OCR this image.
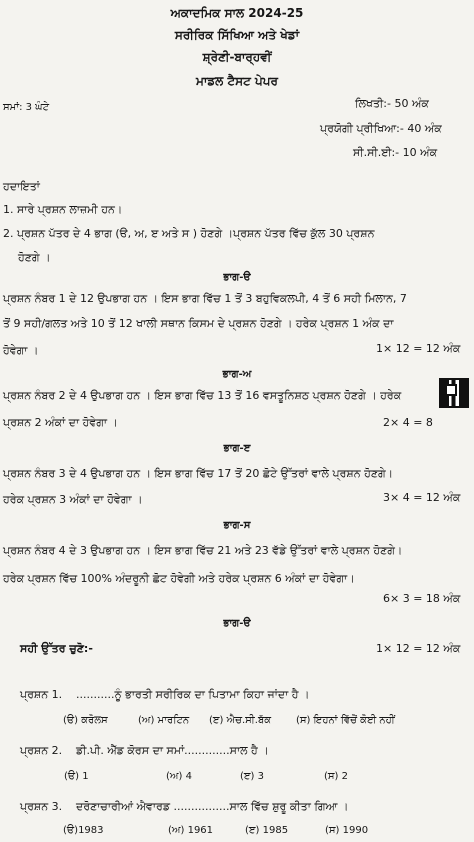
ਅਕਾਦਮਿਕ ਸਾਲ 2024-25
ਸਰੀਰਿਕ ਸਿੱਖਿਆ ਅਤੇ ਖੇਡਾਂ
ਸ਼੍ਰੇਣੀ-ਬਾਰ੍ਹਵੀਂ
ਮਾਡਲ ਟੈਸਟ ਪੇਪਰ
ਸਮਾਂ: 3 ਘੰਟੇ	ਲਿਖਤੀ:- 50 ਅੰਕ
ਪ੍ਰਯੋਗੀ ਪ੍ਰੀਖਿਆ:- 40 ਅੰਕ
ਸੀ.ਸੀ.ਈ:- 10 ਅੰਕ
ਹਦਾਇਤਾਂ
1. ਸਾਰੇ ਪ੍ਰਸ਼ਨ ਲਾਜ਼ਮੀ ਹਨ।
2. ਪ੍ਰਸ਼ਨ ਪੱਤਰ ਦੇ 4 ਭਾਗ (ੳ, ਅ, ੲ ਅਤੇ ਸ ) ਹੋਣਗੇ ।ਪ੍ਰਸ਼ਨ ਪੱਤਰ ਵਿੱਚ ਕੁੱਲ 30 ਪ੍ਰਸ਼ਨ
ਹੋਣਗੇ ।
ਭਾਗ-ੳ
ਪ੍ਰਸ਼ਨ ਨੰਬਰ 1 ਦੇ 12 ਉਪਭਾਗ ਹਨ । ਇਸ ਭਾਗ ਵਿੱਚ 1 ਤੋਂ 3 ਬਹੁਵਿਕਲਪੀ, 4 ਤੋਂ 6 ਸਹੀ ਮਿਲਾਨ, 7
ਤੋਂ 9 ਸਹੀ/ਗਲਤ ਅਤੇ 10 ਤੋਂ 12 ਖਾਲੀ ਸਥਾਨ ਕਿਸਮ ਦੇ ਪ੍ਰਸ਼ਨ ਹੋਣਗੇ । ਹਰੇਕ ਪ੍ਰਸ਼ਨ 1 ਅੰਕ ਦਾ
ਹੋਵੇਗਾ ।	1× 12 = 12 ਅੰਕ
ਭਾਗ-ਅ
ਪ੍ਰਸ਼ਨ ਨੰਬਰ 2 ਦੇ 4 ਉਪਭਾਗ ਹਨ । ਇਸ ਭਾਗ ਵਿੱਚ 13 ਤੋਂ 16 ਵਸਤੂਨਿਸ਼ਠ ਪ੍ਰਸ਼ਨ ਹੋਣਗੇ । ਹਰੇਕ
ਪ੍ਰਸ਼ਨ 2 ਅੰਕਾਂ ਦਾ ਹੋਵੇਗਾ ।	2× 4 = 8
ਭਾਗ-ੲ
ਪ੍ਰਸ਼ਨ ਨੰਬਰ 3 ਦੇ 4 ਉਪਭਾਗ ਹਨ । ਇਸ ਭਾਗ ਵਿੱਚ 17 ਤੋਂ 20 ਛੋਟੇ ਉੱਤਰਾਂ ਵਾਲੇ ਪ੍ਰਸ਼ਨ ਹੋਣਗੇ।
ਹਰੇਕ ਪ੍ਰਸ਼ਨ 3 ਅੰਕਾਂ ਦਾ ਹੋਵੇਗਾ ।	3× 4 = 12 ਅੰਕ
ਭਾਗ-ਸ
ਪ੍ਰਸ਼ਨ ਨੰਬਰ 4 ਦੇ 3 ਉਪਭਾਗ ਹਨ । ਇਸ ਭਾਗ ਵਿੱਚ 21 ਅਤੇ 23 ਵੱਡੇ ਉੱਤਰਾਂ ਵਾਲੇ ਪ੍ਰਸ਼ਨ ਹੋਣਗੇ।
ਹਰੇਕ ਪ੍ਰਸ਼ਨ ਵਿੱਚ 100% ਅੰਦਰੂਨੀ ਛੋਟ ਹੋਵੇਗੀ ਅਤੇ ਹਰੇਕ ਪ੍ਰਸ਼ਨ 6 ਅੰਕਾਂ ਦਾ ਹੋਵੇਗਾ।
6× 3 = 18 ਅੰਕ
ਭਾਗ-ੳ
ਸਹੀ ਉੱਤਰ ਚੁਣੋ:-	1× 12 = 12 ਅੰਕ
ਪ੍ਰਸ਼ਨ 1. ...........ਨੂੰ ਭਾਰਤੀ ਸਰੀਰਿਕ ਦਾ ਪਿਤਾਮਾ ਕਿਹਾ ਜਾਂਦਾ ਹੈ ।
(ੳ) ਕਰੋਲਸ	(ਅ) ਮਾਰਟਿਨ (ੲ) ਐਚ.ਸੀ.ਬੱਕ (ਸ) ਇਹਨਾਂ ਵਿੱਚੋਂ ਕੋਈ ਨਹੀਂ
ਪ੍ਰਸ਼ਨ 2. ਡੀ.ਪੀ. ਐੱਡ ਕੋਰਸ ਦਾ ਸਮਾਂ.............ਸਾਲ ਹੈ ।
(ੳ) 1	(ਅ) 4	(ੲ) 3	(ਸ) 2
ਪ੍ਰਸ਼ਨ 3. ਦਰੋਣਾਚਾਰੀਆਂ ਐਵਾਰਡ ................ਸਾਲ ਵਿੱਚ ਸ਼ੁਰੂ ਕੀਤਾ ਗਿਆ ।
(ੳ)1983	(ਅ) 1961	(ੲ) 1985	(ਸ) 1990
